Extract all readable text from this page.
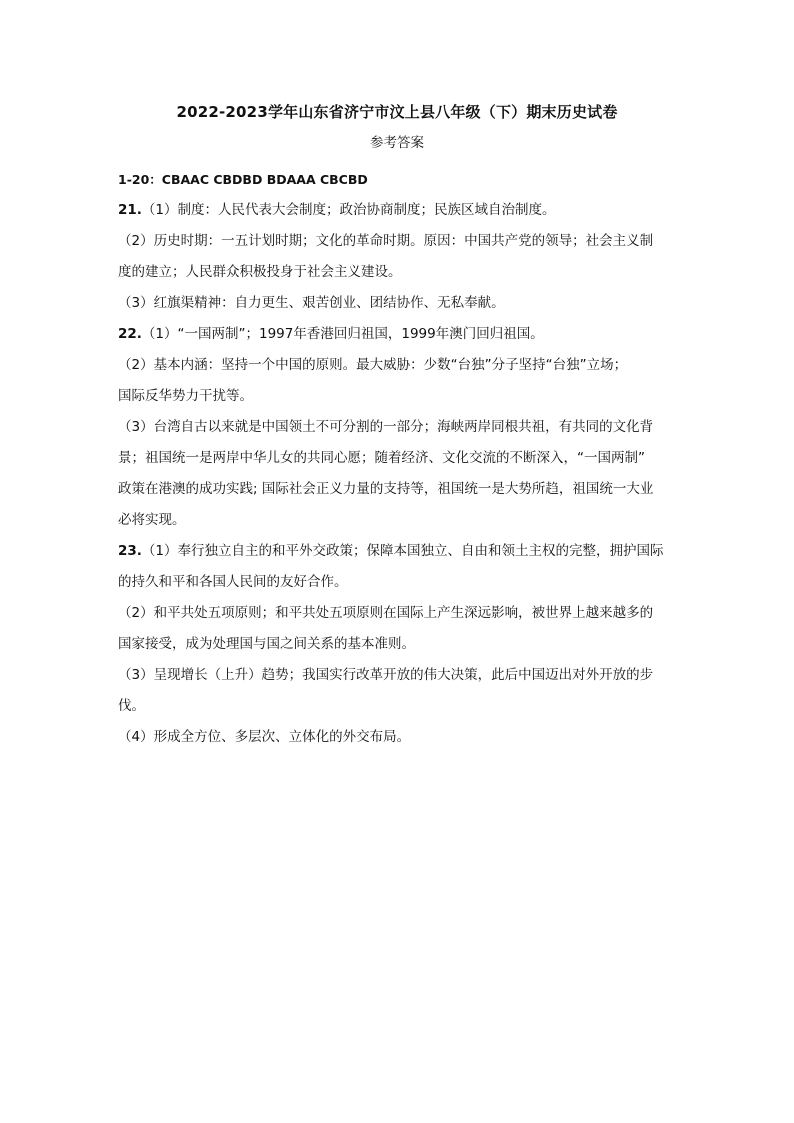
2022-2023学年山东省济宁市汶上县八年级（下）期末历史试卷
参考答案
1-20：CBAAC CBDBD BDAAA CBCBD
21.（1）制度：人民代表大会制度；政治协商制度；民族区域自治制度。
（2）历史时期：一五计划时期；文化的革命时期。原因：中国共产党的领导；社会主义制
度的建立；人民群众积极投身于社会主义建设。
（3）红旗渠精神：自力更生、艰苦创业、团结协作、无私奉献。
22.（1）“一国两制”；1997年香港回归祖国，1999年澳门回归祖国。
（2）基本内涵：坚持一个中国的原则。最大威胁：少数“台独”分子坚持“台独”立场；
国际反华势力干扰等。
（3）台湾自古以来就是中国领土不可分割的一部分；海峡两岸同根共祖，有共同的文化背
景；祖国统一是两岸中华儿女的共同心愿；随着经济、文化交流的不断深入，“一国两制”
政策在港澳的成功实践; 国际社会正义力量的支持等，祖国统一是大势所趋，祖国统一大业
必将实现。
23.（1）奉行独立自主的和平外交政策；保障本国独立、自由和领土主权的完整，拥护国际
的持久和平和各国人民间的友好合作。
（2）和平共处五项原则；和平共处五项原则在国际上产生深远影响，被世界上越来越多的
国家接受，成为处理国与国之间关系的基本准则。
（3）呈现增长（上升）趋势；我国实行改革开放的伟大决策，此后中国迈出对外开放的步
伐。
（4）形成全方位、多层次、立体化的外交布局。
